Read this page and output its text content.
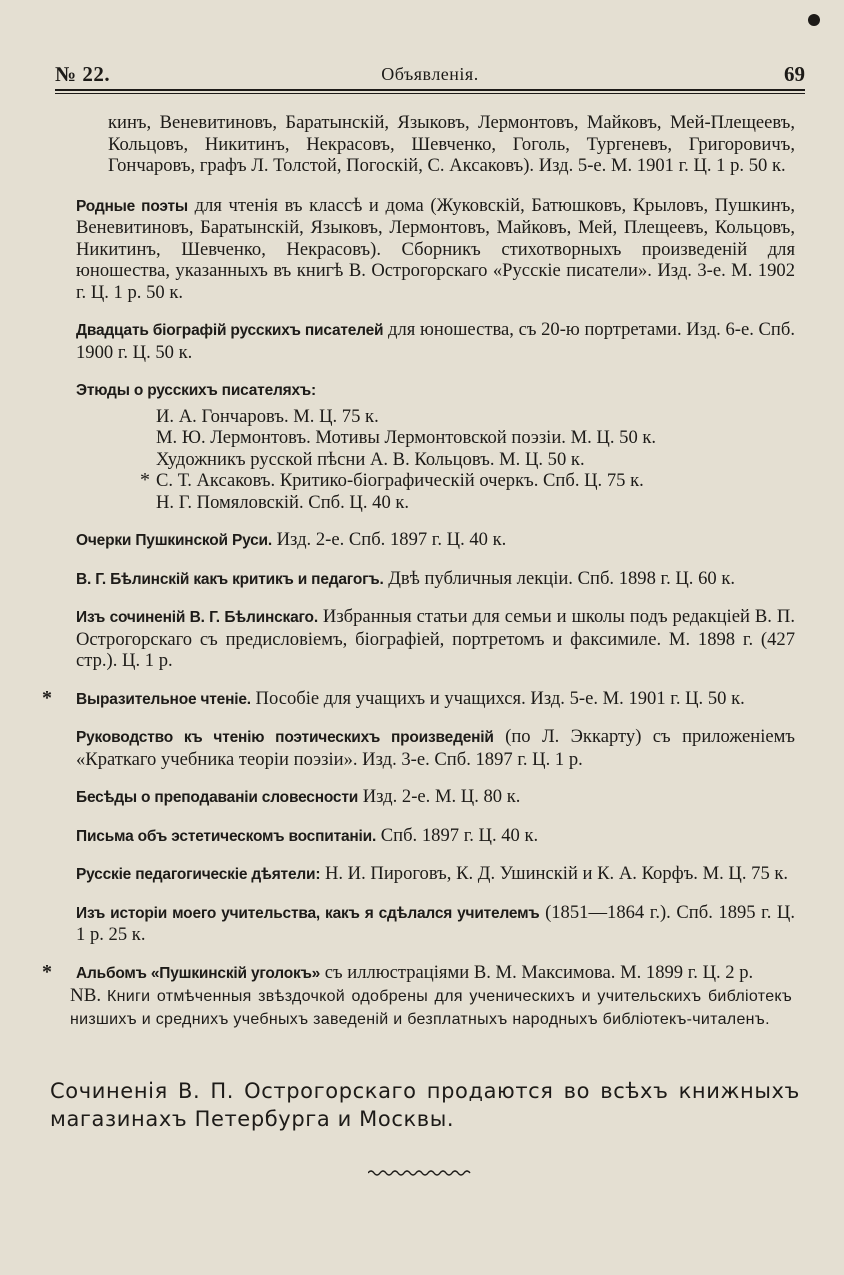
№ 22.	Объявленія.	69
кинъ, Веневитиновъ, Баратынскій, Языковъ, Лермонтовъ, Майковъ, Мей-Плещеевъ, Кольцовъ, Никитинъ, Некрасовъ, Шевченко, Гоголь, Тургеневъ, Григоровичъ, Гончаровъ, графъ Л. Толстой, Погоскій, С. Аксаковъ). Изд. 5-е. М. 1901 г. Ц. 1 р. 50 к.
Родные поэты для чтенія въ классѣ и дома (Жуковскій, Батюшковъ, Крыловъ, Пушкинъ, Веневитиновъ, Баратынскій, Языковъ, Лермонтовъ, Майковъ, Мей, Плещеевъ, Кольцовъ, Никитинъ, Шевченко, Некрасовъ). Сборникъ стихотворныхъ произведеній для юношества, указанныхъ въ книгѣ В. Острогорскаго «Русскіе писатели». Изд. 3-е. М. 1902 г. Ц. 1 р. 50 к.
Двадцать біографій русскихъ писателей для юношества, съ 20-ю портретами. Изд. 6-е. Спб. 1900 г. Ц. 50 к.
Этюды о русскихъ писателяхъ:
И. А. Гончаровъ. М. Ц. 75 к.
М. Ю. Лермонтовъ. Мотивы Лермонтовской поэзіи. М. Ц. 50 к.
Художникъ русской пѣсни А. В. Кольцовъ. М. Ц. 50 к.
* С. Т. Аксаковъ. Критико-біографическій очеркъ. Спб. Ц. 75 к.
Н. Г. Помяловскій. Спб. Ц. 40 к.
Очерки Пушкинской Руси. Изд. 2-е. Спб. 1897 г. Ц. 40 к.
В. Г. Бѣлинскій какъ критикъ и педагогъ. Двѣ публичныя лекціи. Спб. 1898 г. Ц. 60 к.
Изъ сочиненій В. Г. Бѣлинскаго. Избранныя статьи для семьи и школы подъ редакціей В. П. Острогорскаго съ предисловіемъ, біографіей, портретомъ и факсимиле. М. 1898 г. (427 стр.). Ц. 1 р.
* Выразительное чтеніе. Пособіе для учащихъ и учащихся. Изд. 5-е. М. 1901 г. Ц. 50 к.
Руководство къ чтенію поэтическихъ произведеній (по Л. Эккарту) съ приложеніемъ «Краткаго учебника теоріи поэзіи». Изд. 3-е. Спб. 1897 г. Ц. 1 р.
Бесѣды о преподаваніи словесности Изд. 2-е. М. Ц. 80 к.
Письма объ эстетическомъ воспитаніи. Спб. 1897 г. Ц. 40 к.
Русскіе педагогическіе дѣятели: Н. И. Пироговъ, К. Д. Ушинскій и К. А. Корфъ. М. Ц. 75 к.
Изъ исторіи моего учительства, какъ я сдѣлался учителемъ (1851—1864 г.). Спб. 1895 г. Ц. 1 р. 25 к.
* Альбомъ «Пушкинскій уголокъ» съ иллюстраціями В. М. Максимова. М. 1899 г. Ц. 2 р.
NB. Книги отмѣченныя звѣздочкой одобрены для ученическихъ и учительскихъ библіотекъ низшихъ и среднихъ учебныхъ заведеній и безплатныхъ народныхъ библіотекъ-читаленъ.
Сочиненія В. П. Острогорскаго продаются во всѣхъ книжныхъ магазинахъ Петербурга и Москвы.
